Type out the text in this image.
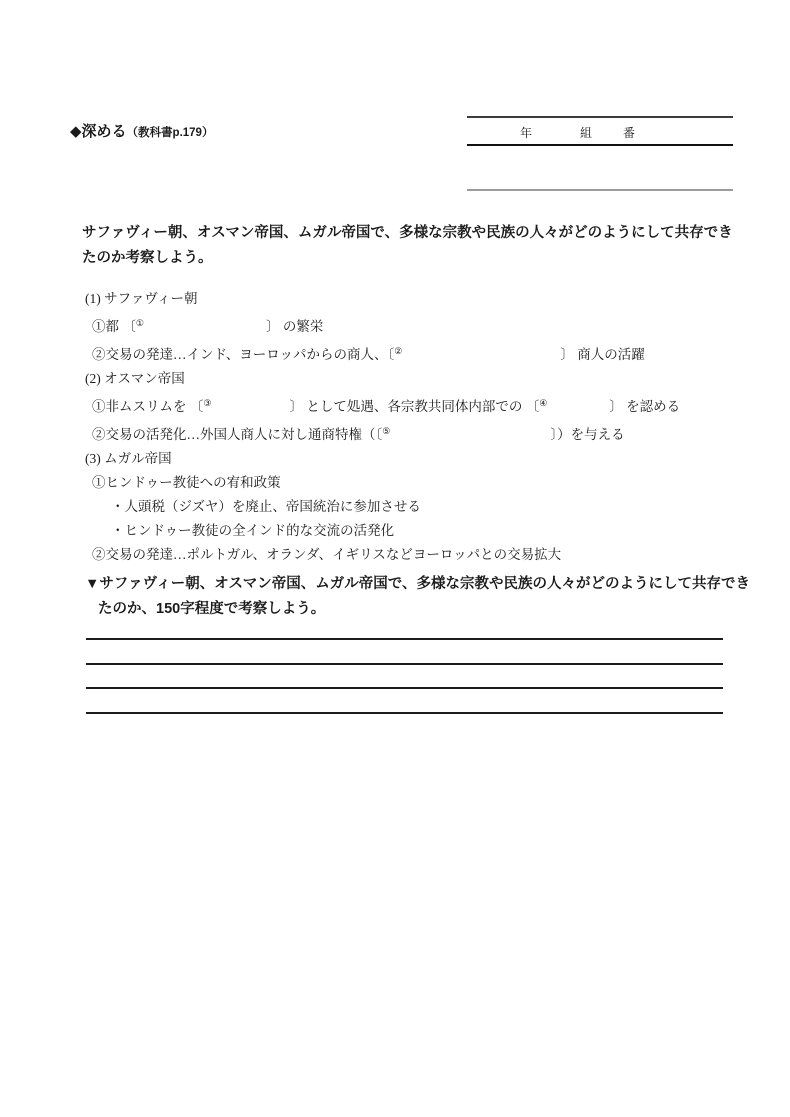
◆深める（教科書p.179）	年	組	番
サファヴィー朝、オスマン帝国、ムガル帝国で、多様な宗教や民族の人々がどのようにして共存できたのか考察しよう。
(1) サファヴィー朝
①都 〔①	〕 の繁栄
②交易の発達…インド、ヨーロッパからの商人、〔②	〕 商人の活躍
(2) オスマン帝国
①非ムスリムを 〔③	〕 として処遇、各宗教共同体内部での 〔④	〕 を認める
②交易の活発化…外国人商人に対し通商特権（〔⑤	〕）を与える
(3) ムガル帝国
①ヒンドゥー教徒への宥和政策
・人頭税（ジズヤ）を廃止、帝国統治に参加させる
・ヒンドゥー教徒の全インド的な交流の活発化
②交易の発達…ポルトガル、オランダ、イギリスなどヨーロッパとの交易拡大
▼サファヴィー朝、オスマン帝国、ムガル帝国で、多様な宗教や民族の人々がどのようにして共存できたのか、150字程度で考察しよう。
